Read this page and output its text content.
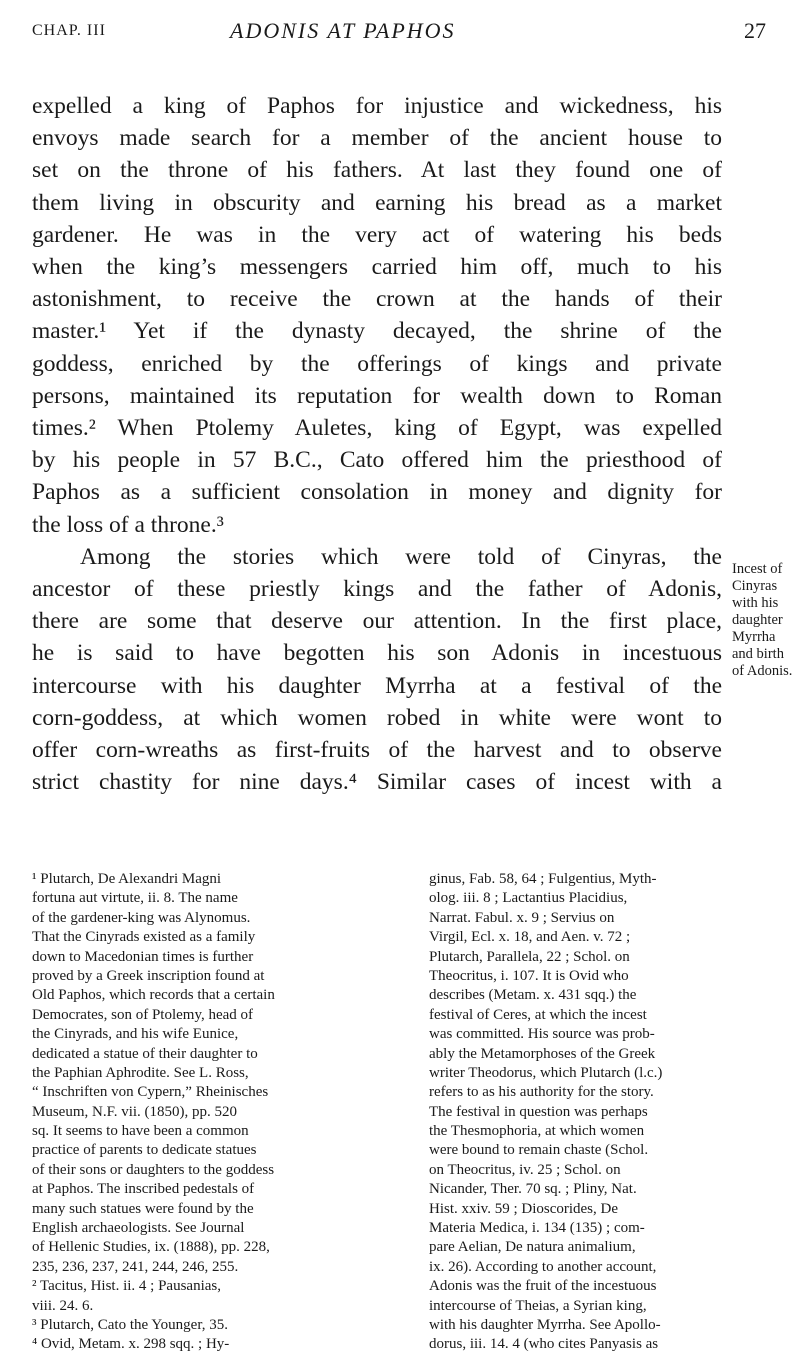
CHAP. III	ADONIS AT PAPHOS	27

expelled a king of Paphos for injustice and wickedness, his

envoys made search for a member of the ancient house to

set on the throne of his fathers. At last they found one of

them living in obscurity and earning his bread as a market

gardener. He was in the very act of watering his beds

when the king’s messengers carried him off, much to his

astonishment, to receive the crown at the hands of their

master.¹ Yet if the dynasty decayed, the shrine of the

goddess, enriched by the offerings of kings and private

persons, maintained its reputation for wealth down to Roman

times.² When Ptolemy Auletes, king of Egypt, was expelled

by his people in 57 B.C., Cato offered him the priesthood of

Paphos as a sufficient consolation in money and dignity for

the loss of a throne.³

Among the stories which were told of Cinyras, the

ancestor of these priestly kings and the father of Adonis,

there are some that deserve our attention. In the first place,

he is said to have begotten his son Adonis in incestuous

intercourse with his daughter Myrrha at a festival of the

corn-goddess, at which women robed in white were wont to

offer corn-wreaths as first-fruits of the harvest and to observe

strict chastity for nine days.⁴ Similar cases of incest with a

Incest of
Cinyras
with his
daughter
Myrrha
and birth
of Adonis.
¹ Plutarch, De Alexandri Magni
fortuna aut virtute, ii. 8. The name
of the gardener-king was Alynomus.
That the Cinyrads existed as a family
down to Macedonian times is further
proved by a Greek inscription found at
Old Paphos, which records that a certain
Democrates, son of Ptolemy, head of
the Cinyrads, and his wife Eunice,
dedicated a statue of their daughter to
the Paphian Aphrodite. See L. Ross,
“ Inschriften von Cypern,” Rheinisches
Museum, N.F. vii. (1850), pp. 520
sq. It seems to have been a common
practice of parents to dedicate statues
of their sons or daughters to the goddess
at Paphos. The inscribed pedestals of
many such statues were found by the
English archaeologists. See Journal
of Hellenic Studies, ix. (1888), pp. 228,
235, 236, 237, 241, 244, 246, 255.
² Tacitus, Hist. ii. 4 ; Pausanias,
viii. 24. 6.
³ Plutarch, Cato the Younger, 35.
⁴ Ovid, Metam. x. 298 sqq. ; Hy-
ginus, Fab. 58, 64 ; Fulgentius, Myth-
olog. iii. 8 ; Lactantius Placidius,
Narrat. Fabul. x. 9 ; Servius on
Virgil, Ecl. x. 18, and Aen. v. 72 ;
Plutarch, Parallela, 22 ; Schol. on
Theocritus, i. 107. It is Ovid who
describes (Metam. x. 431 sqq.) the
festival of Ceres, at which the incest
was committed. His source was prob-
ably the Metamorphoses of the Greek
writer Theodorus, which Plutarch (l.c.)
refers to as his authority for the story.
The festival in question was perhaps
the Thesmophoria, at which women
were bound to remain chaste (Schol.
on Theocritus, iv. 25 ; Schol. on
Nicander, Ther. 70 sq. ; Pliny, Nat.
Hist. xxiv. 59 ; Dioscorides, De
Materia Medica, i. 134 (135) ; com-
pare Aelian, De natura animalium,
ix. 26). According to another account,
Adonis was the fruit of the incestuous
intercourse of Theias, a Syrian king,
with his daughter Myrrha. See Apollo-
dorus, iii. 14. 4 (who cites Panyasis as
